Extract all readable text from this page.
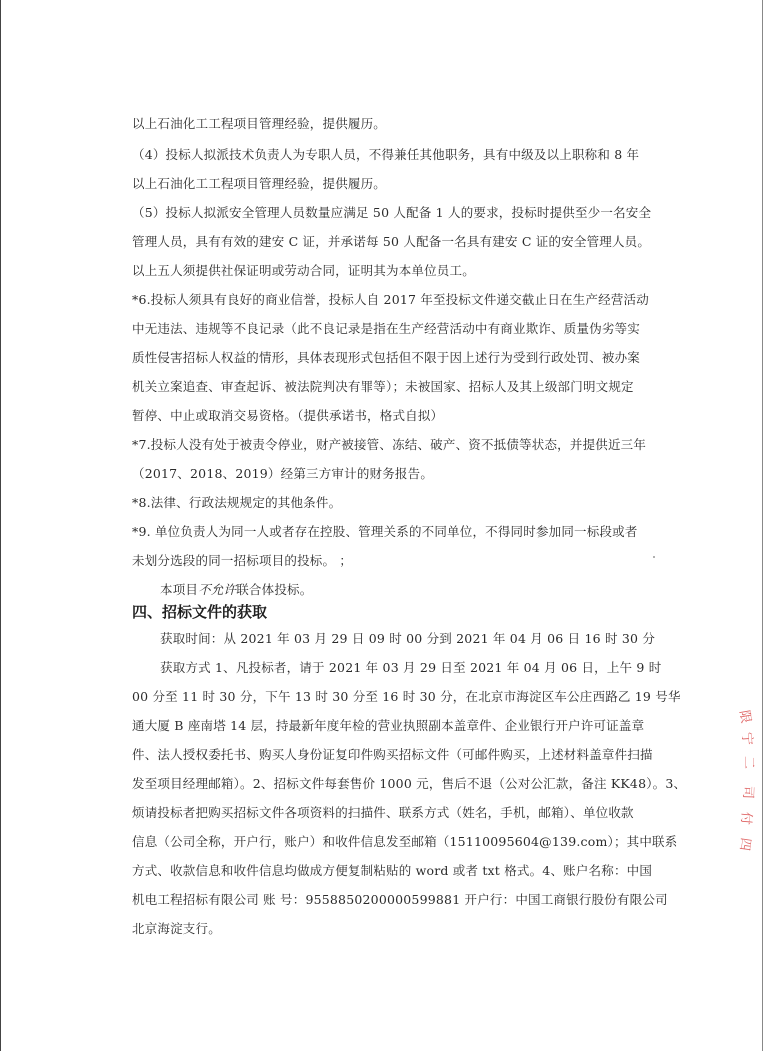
以上石油化工工程项目管理经验，提供履历。
（4）投标人拟派技术负责人为专职人员，不得兼任其他职务，具有中级及以上职称和 8 年
以上石油化工工程项目管理经验，提供履历。
（5）投标人拟派安全管理人员数量应满足 50 人配备 1 人的要求，投标时提供至少一名安全
管理人员，具有有效的建安 C 证，并承诺每 50 人配备一名具有建安 C 证的安全管理人员。
以上五人须提供社保证明或劳动合同，证明其为本单位员工。
*6.投标人须具有良好的商业信誉，投标人自 2017 年至投标文件递交截止日在生产经营活动
中无违法、违规等不良记录（此不良记录是指在生产经营活动中有商业欺诈、质量伪劣等实
质性侵害招标人权益的情形，具体表现形式包括但不限于因上述行为受到行政处罚、被办案
机关立案追查、审查起诉、被法院判决有罪等）；未被国家、招标人及其上级部门明文规定
暂停、中止或取消交易资格。（提供承诺书，格式自拟）
*7.投标人没有处于被责令停业，财产被接管、冻结、破产、资不抵债等状态，并提供近三年
（2017、2018、2019）经第三方审计的财务报告。
*8.法律、行政法规规定的其他条件。
*9. 单位负责人为同一人或者存在控股、管理关系的不同单位，不得同时参加同一标段或者
未划分选段的同一招标项目的投标。 ；
本项目不允许联合体投标。
四、招标文件的获取
获取时间：从 2021 年 03 月 29 日 09 时 00 分到 2021 年 04 月 06 日 16 时 30 分
获取方式 1、凡投标者，请于 2021 年 03 月 29 日至 2021 年 04 月 06 日，上午 9 时
00 分至 11 时 30 分，下午 13 时 30 分至 16 时 30 分，在北京市海淀区车公庄西路乙 19 号华
通大厦 B 座南塔 14 层，持最新年度年检的营业执照副本盖章件、企业银行开户许可证盖章
件、法人授权委托书、购买人身份证复印件购买招标文件（可邮件购买，上述材料盖章件扫描
发至项目经理邮箱）。2、招标文件每套售价 1000 元，售后不退（公对公汇款，备注 KK48）。3、
烦请投标者把购买招标文件各项资料的扫描件、联系方式（姓名，手机，邮箱）、单位收款
信息（公司全称，开户行，账户）和收件信息发至邮箱（15110095604@139.com）；其中联系
方式、收款信息和收件信息均做成方便复制粘贴的 word 或者 txt 格式。4、账户名称：中国
机电工程招标有限公司 账 号：9558850200000599881 开户行：中国工商银行股份有限公司
北京海淀支行。
限
宁
二
司
付
四
